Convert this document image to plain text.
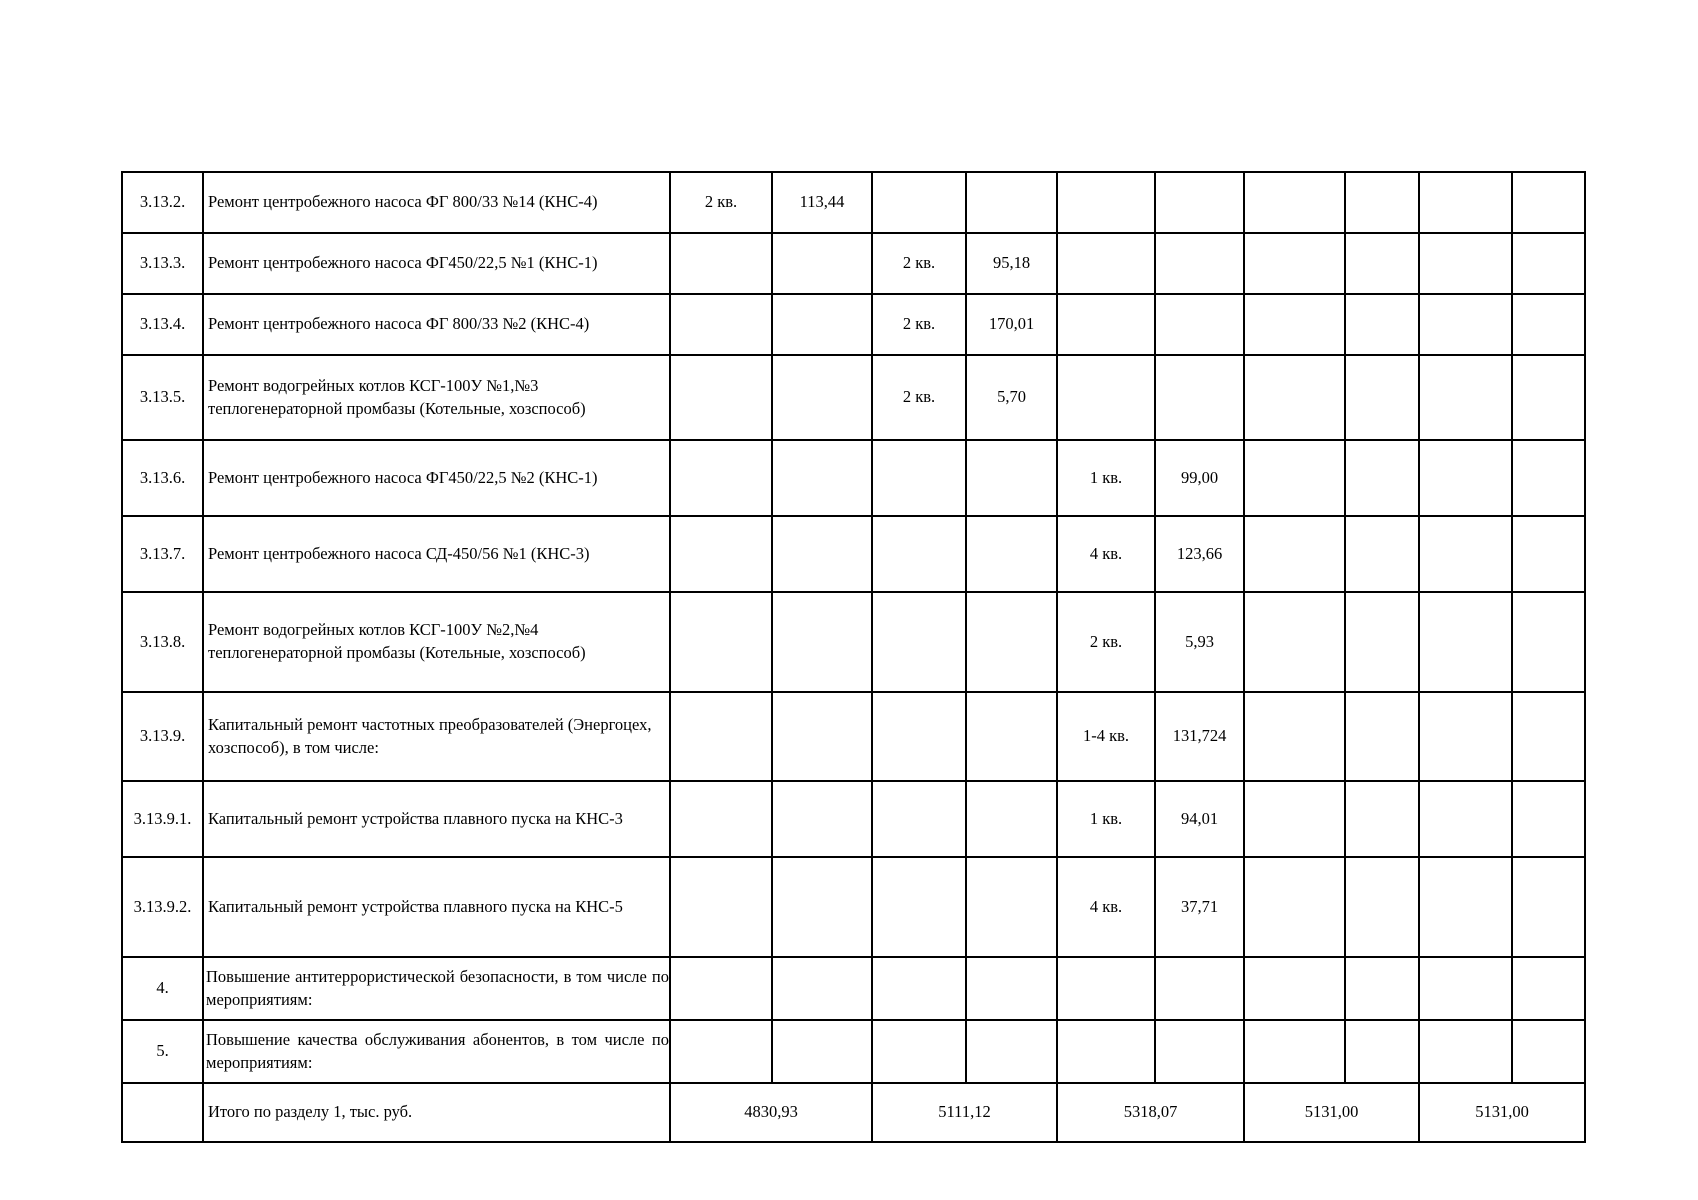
3.13.2.	Ремонт центробежного насоса ФГ 800/33 №14 (КНС-4)	2 кв.	113,44								
3.13.3.	Ремонт центробежного насоса ФГ450/22,5 №1 (КНС-1)			2 кв.	95,18						
3.13.4.	Ремонт центробежного насоса ФГ 800/33 №2 (КНС-4)			2 кв.	170,01						
3.13.5.	Ремонт водогрейных котлов КСГ-100У №1,№3 теплогенераторной промбазы (Котельные, хозспособ)			2 кв.	5,70						
3.13.6.	Ремонт центробежного насоса ФГ450/22,5 №2 (КНС-1)					1 кв.	99,00				
3.13.7.	Ремонт центробежного насоса СД-450/56 №1 (КНС-3)					4 кв.	123,66				
3.13.8.	Ремонт водогрейных котлов КСГ-100У №2,№4 теплогенераторной промбазы (Котельные, хозспособ)					2 кв.	5,93				
3.13.9.	Капитальный ремонт частотных преобразователей (Энергоцех, хозспособ), в том числе:					1-4 кв.	131,724				
3.13.9.1.	Капитальный ремонт устройства плавного пуска на КНС-3					1 кв.	94,01				
3.13.9.2.	Капитальный ремонт устройства плавного пуска на КНС-5					4 кв.	37,71				
4.	Повышение антитеррористической безопасности, в том числе по мероприятиям:										
5.	Повышение качества обслуживания абонентов, в том числе по мероприятиям:										
	Итого по разделу 1, тыс. руб.	4830,93		5111,12		5318,07		5131,00		5131,00	
